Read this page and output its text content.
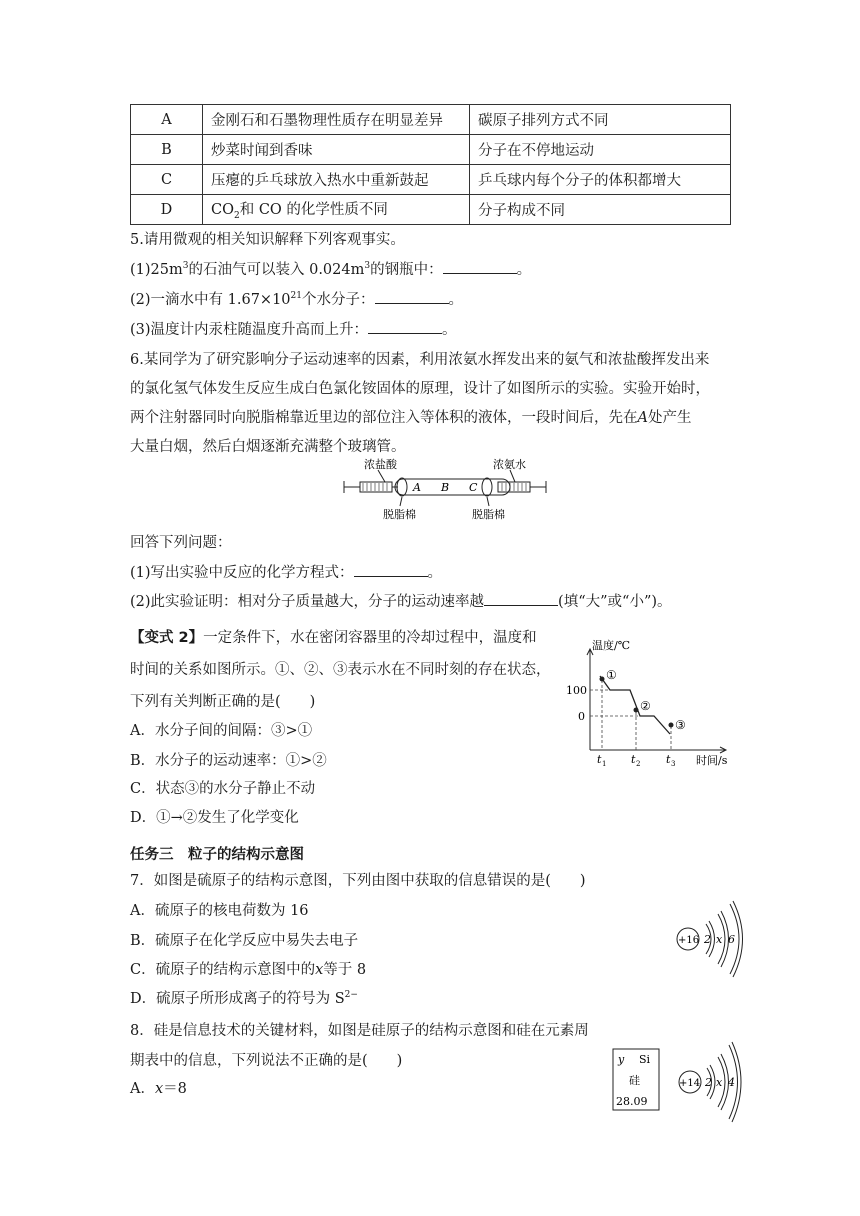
A	金刚石和石墨物理性质存在明显差异	碳原子排列方式不同
B	炒菜时闻到香味	分子在不停地运动
C	压瘪的乒乓球放入热水中重新鼓起	乒乓球内每个分子的体积都增大
D	$CO_2$和 CO 的化学性质不同	分子构成不同
5.请用微观的相关知识解释下列客观事实。
$(1)25m^3$的石油气可以装入 $0.024m^3$的钢瓶中：	。
(2)一滴水中有 $1.67\times 10^{21}$个水分子：	。
(3)温度计内汞柱随温度升高而上升：	。
6.某同学为了研究影响分子运动速率的因素，利用浓氨水挥发出来的氨气和浓盐酸挥发出来
的氯化氢气体发生反应生成白色氯化铵固体的原理，设计了如图所示的实验。实验开始时，
两个注射器同时向脱脂棉靠近里边的部位注入等体积的液体，一段时间后，先在A处产生
大量白烟，然后白烟逐渐充满整个玻璃管。
浓盐酸	浓氨水
脱脂棉	脱脂棉
A B C
回答下列问题：
(1)写出实验中反应的化学方程式：	。
(2)此实验证明：相对分子质量越大，分子的运动速率越	(填“大”或“小”)。
【变式 2】一定条件下，水在密闭容器里的冷却过程中，温度和
时间的关系如图所示。①、②、③表示水在不同时刻的存在状态，
下列有关判断正确的是(　　)
A．水分子间的间隔：③>①
B．水分子的运动速率：①>②
C．状态③的水分子静止不动
D．①→②发生了化学变化
温度/℃
时间/s
100
0
t 1 t 2 t 3
①
②
③
任务三　粒子的结构示意图
7．如图是硫原子的结构示意图，下列由图中获取的信息错误的是(　　)
A．硫原子的核电荷数为 16
B．硫原子在化学反应中易失去电子
C．硫原子的结构示意图中的x等于 8
D．硫原子所形成离子的符号为 $S^{2-}$
+16 2 x 6
8．硅是信息技术的关键材料，如图是硅原子的结构示意图和硅在元素周
期表中的信息，下列说法不正确的是(　　)
A．x＝8
y Si
硅
28.09
+14 2 x 4
